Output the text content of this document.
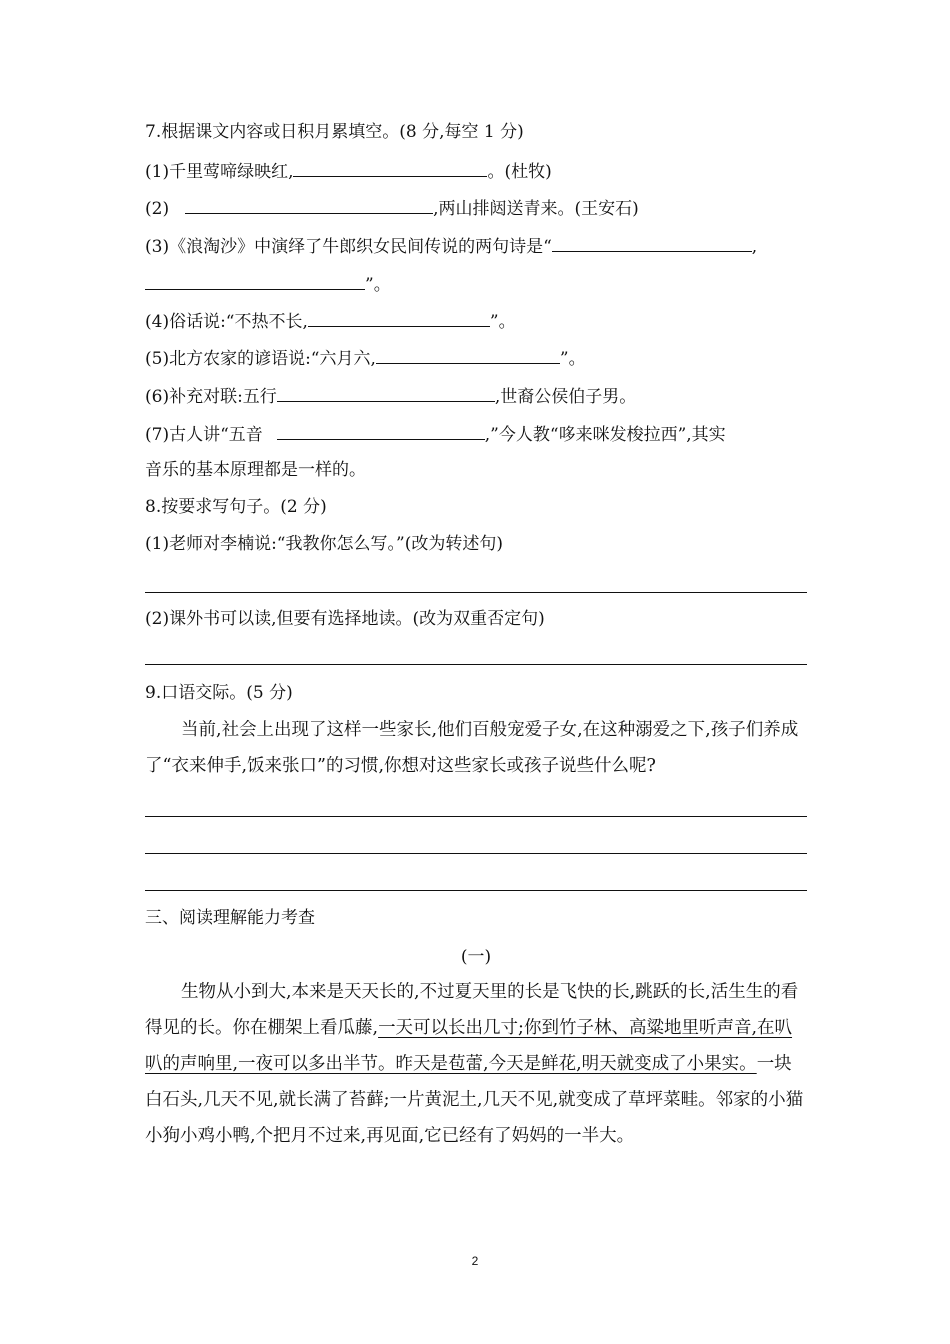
7.根据课文内容或日积月累填空。(8 分,每空 1 分)
(1)千里莺啼绿映红,	。(杜牧)
(2)	,两山排闼送青来。(王安石)
(3)《浪淘沙》中演绎了牛郎织女民间传说的两句诗是“	,
”。
(4)俗话说:“不热不长,	”。
(5)北方农家的谚语说:“六月六,	”。
(6)补充对联:五行	,世裔公侯伯子男。
(7)古人讲“五音	,”今人教“哆来咪发梭拉西”,其实
音乐的基本原理都是一样的。
8.按要求写句子。(2 分)
(1)老师对李楠说:“我教你怎么写。”(改为转述句)
(2)课外书可以读,但要有选择地读。(改为双重否定句)
9.口语交际。(5 分)
当前,社会上出现了这样一些家长,他们百般宠爱子女,在这种溺爱之下,孩子们养成了“衣来伸手,饭来张口”的习惯,你想对这些家长或孩子说些什么呢?
三、阅读理解能力考查
(一)
生物从小到大,本来是天天长的,不过夏天里的长是飞快的长,跳跃的长,活生生的看得见的长。你在棚架上看瓜藤,一天可以长出几寸;你到竹子林、高粱地里听声音,在叭叭的声响里,一夜可以多出半节。昨天是苞蕾,今天是鲜花,明天就变成了小果实。一块白石头,几天不见,就长满了苔藓;一片黄泥土,几天不见,就变成了草坪菜畦。邻家的小猫小狗小鸡小鸭,个把月不过来,再见面,它已经有了妈妈的一半大。
2
